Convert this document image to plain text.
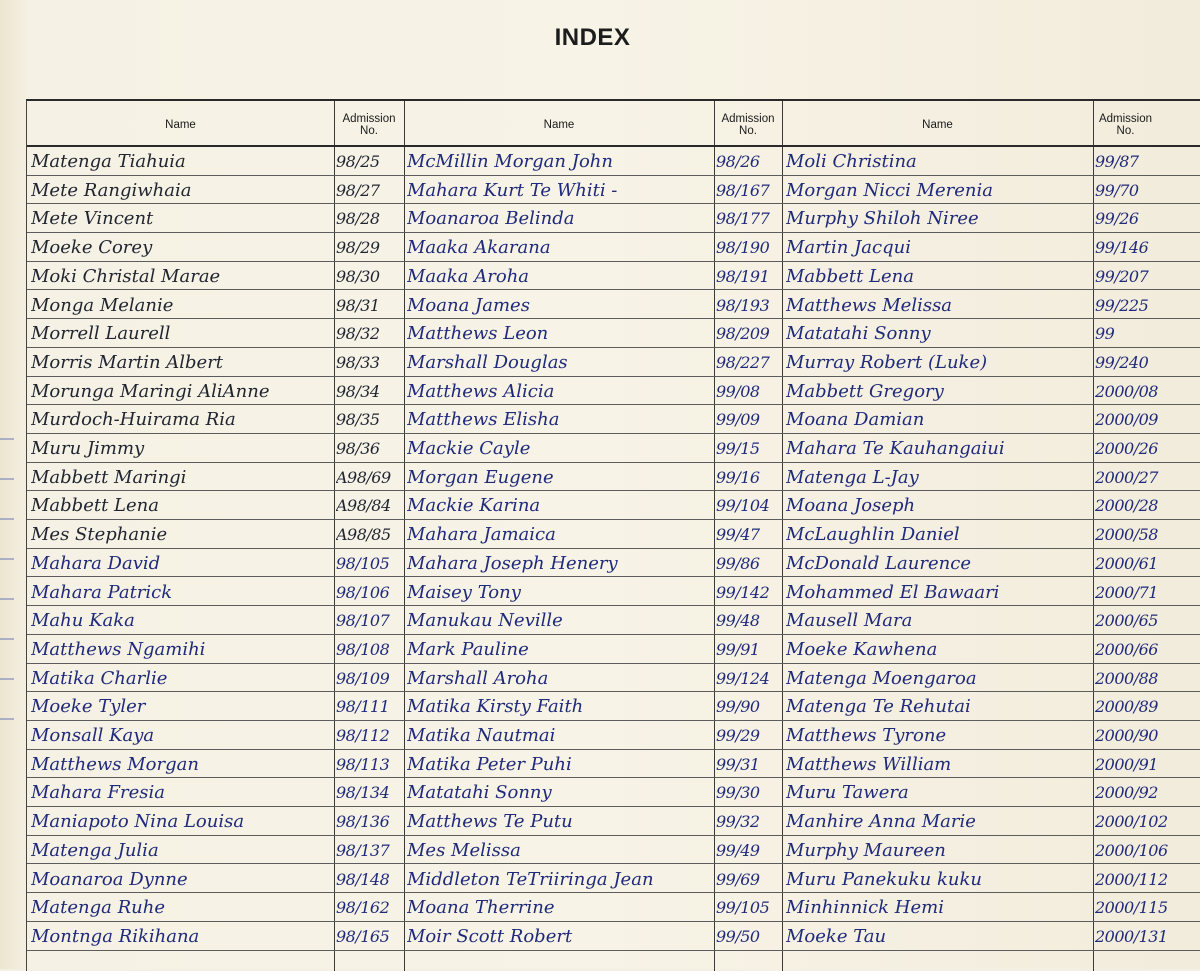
INDEX
Name	Admission No.	Name	Admission No.	Name	Admission No.
Matenga Tiahuia	98/25	McMillin Morgan John	98/26	Moli Christina	99/87
Mete Rangiwhaia	98/27	Mahara Kurt Te Whiti -	98/167 Morgan Nicci Merenia	99/70
Mete Vincent	98/28	Moanaroa Belinda	98/177 Murphy Shiloh Niree	99/26
Moeke Corey	98/29	Maaka Akarana	98/190 Martin Jacqui	99/146
Moki Christal Marae	98/30	Maaka Aroha	98/191 Mabbett Lena	99/207
Monga Melanie	98/31	Moana James	98/193 Matthews Melissa	99/225
Morrell Laurell	98/32	Matthews Leon	98/209 Matatahi Sonny	99
Morris Martin Albert	98/33	Marshall Douglas	98/227 Murray Robert (Luke)	99/240
Morunga Maringi AliAnne	98/34	Matthews Alicia	99/08	Mabbett Gregory	2000/08
Murdoch-Huirama Ria	98/35	Matthews Elisha	99/09	Moana Damian	2000/09
Muru Jimmy	98/36	Mackie Cayle	99/15	Mahara Te Kauhangaiui	2000/26
Mabbett Maringi	A98/69 Morgan Eugene	99/16	Matenga L-Jay	2000/27
Mabbett Lena	A98/84 Mackie Karina	99/104 Moana Joseph	2000/28
Mes Stephanie	A98/85 Mahara Jamaica	99/47	McLaughlin Daniel	2000/58
Mahara David	98/105 Mahara Joseph Henery	99/86	McDonald Laurence	2000/61
Mahara Patrick	98/106 Maisey Tony	99/142 Mohammed El Bawaari	2000/71
Mahu Kaka	98/107 Manukau Neville	99/48	Mausell Mara	2000/65
Matthews Ngamihi	98/108 Mark Pauline	99/91	Moeke Kawhena	2000/66
Matika Charlie	98/109 Marshall Aroha	99/124 Matenga Moengaroa	2000/88
Moeke Tyler	98/111 Matika Kirsty Faith	99/90	Matenga Te Rehutai	2000/89
Monsall Kaya	98/112 Matika Nautmai	99/29	Matthews Tyrone	2000/90
Matthews Morgan	98/113 Matika Peter Puhi	99/31	Matthews William	2000/91
Mahara Fresia	98/134 Matatahi Sonny	99/30	Muru Tawera	2000/92
Maniapoto Nina Louisa	98/136 Matthews Te Putu	99/32	Manhire Anna Marie	2000/102
Matenga Julia	98/137 Mes Melissa	99/49	Murphy Maureen	2000/106
Moanaroa Dynne	98/148 Middleton TeTriiringa Jean	99/69	Muru Panekuku kuku	2000/112
Matenga Ruhe	98/162 Moana Therrine	99/105 Minhinnick Hemi	2000/115
Montnga Rikihana	98/165 Moir Scott Robert	99/50	Moeke Tau	2000/131
